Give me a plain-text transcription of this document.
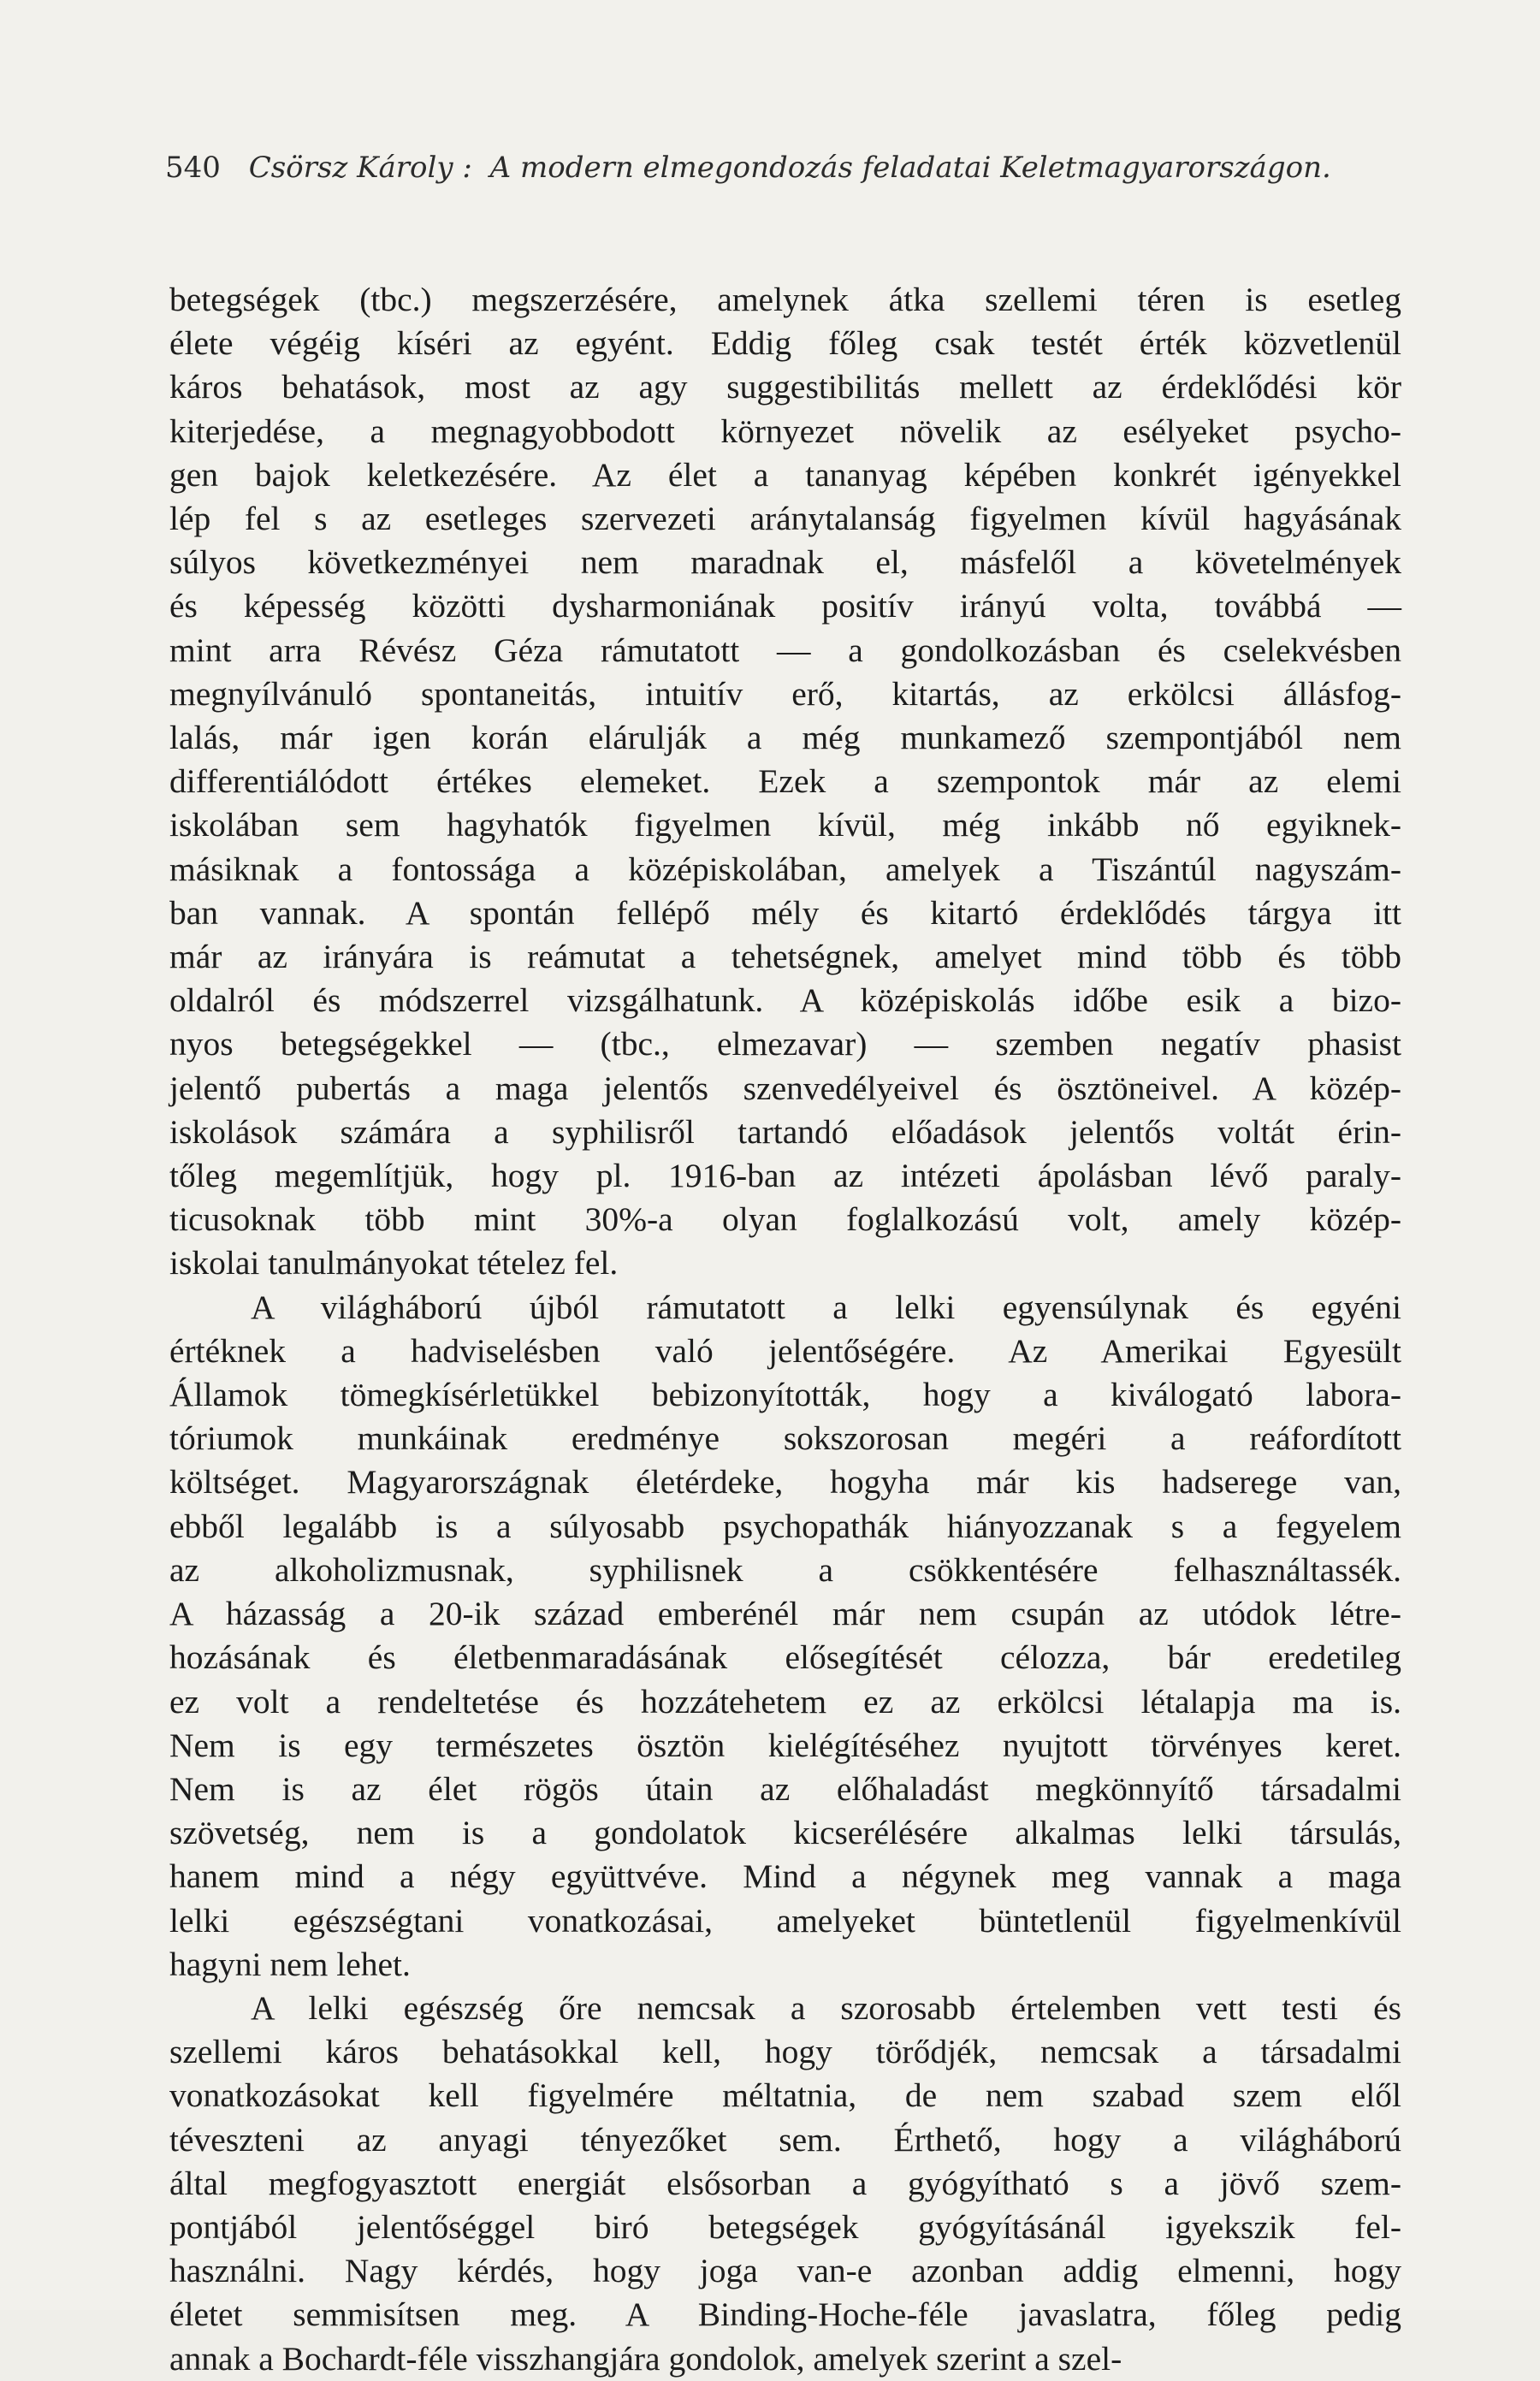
540 Csörsz Károly : A modern elmegondozás feladatai Keletmagyarországon.
betegségek (tbc.) megszerzésére, amelynek átka szellemi téren is esetleg
élete végéig kíséri az egyént. Eddig főleg csak testét érték közvetlenül
káros behatások, most az agy suggestibilitás mellett az érdeklődési kör
kiterjedése, a megnagyobbodott környezet növelik az esélyeket psycho-
gen bajok keletkezésére. Az élet a tananyag képében konkrét igényekkel
lép fel s az esetleges szervezeti aránytalanság figyelmen kívül hagyásának
súlyos következményei nem maradnak el, másfelől a követelmények
és képesség közötti dysharmoniának positív irányú volta, továbbá —
mint arra Révész Géza rámutatott — a gondolkozásban és cselekvésben
megnyílvánuló spontaneitás, intuitív erő, kitartás, az erkölcsi állásfog-
lalás, már igen korán elárulják a még munkamező szempontjából nem
differentiálódott értékes elemeket. Ezek a szempontok már az elemi
iskolában sem hagyhatók figyelmen kívül, még inkább nő egyiknek-
másiknak a fontossága a középiskolában, amelyek a Tiszántúl nagyszám-
ban vannak. A spontán fellépő mély és kitartó érdeklődés tárgya itt
már az irányára is reámutat a tehetségnek, amelyet mind több és több
oldalról és módszerrel vizsgálhatunk. A középiskolás időbe esik a bizo-
nyos betegségekkel — (tbc., elmezavar) — szemben negatív phasist
jelentő pubertás a maga jelentős szenvedélyeivel és ösztöneivel. A közép-
iskolások számára a syphilisről tartandó előadások jelentős voltát érin-
tőleg megemlítjük, hogy pl. 1916-ban az intézeti ápolásban lévő paraly-
ticusoknak több mint 30%-a olyan foglalkozású volt, amely közép-
iskolai tanulmányokat tételez fel.
A világháború újból rámutatott a lelki egyensúlynak és egyéni
értéknek a hadviselésben való jelentőségére. Az Amerikai Egyesült
Államok tömegkísérletükkel bebizonyították, hogy a kiválogató labora-
tóriumok munkáinak eredménye sokszorosan megéri a reáfordított
költséget. Magyarországnak életérdeke, hogyha már kis hadserege van,
ebből legalább is a súlyosabb psychopathák hiányozzanak s a fegyelem
az alkoholizmusnak, syphilisnek a csökkentésére felhasználtassék.
A házasság a 20-ik század emberénél már nem csupán az utódok létre-
hozásának és életbenmaradásának elősegítését célozza, bár eredetileg
ez volt a rendeltetése és hozzátehetem ez az erkölcsi létalapja ma is.
Nem is egy természetes ösztön kielégítéséhez nyujtott törvényes keret.
Nem is az élet rögös útain az előhaladást megkönnyítő társadalmi
szövetség, nem is a gondolatok kicserélésére alkalmas lelki társulás,
hanem mind a négy együttvéve. Mind a négynek meg vannak a maga
lelki egészségtani vonatkozásai, amelyeket büntetlenül figyelmenkívül
hagyni nem lehet.
A lelki egészség őre nemcsak a szorosabb értelemben vett testi és
szellemi káros behatásokkal kell, hogy törődjék, nemcsak a társadalmi
vonatkozásokat kell figyelmére méltatnia, de nem szabad szem elől
téveszteni az anyagi tényezőket sem. Érthető, hogy a világháború
által megfogyasztott energiát elsősorban a gyógyítható s a jövő szem-
pontjából jelentőséggel biró betegségek gyógyításánál igyekszik fel-
használni. Nagy kérdés, hogy joga van-e azonban addig elmenni, hogy
életet semmisítsen meg. A Binding-Hoche-féle javaslatra, főleg pedig
annak a Bochardt-féle visszhangjára gondolok, amelyek szerint a szel-
